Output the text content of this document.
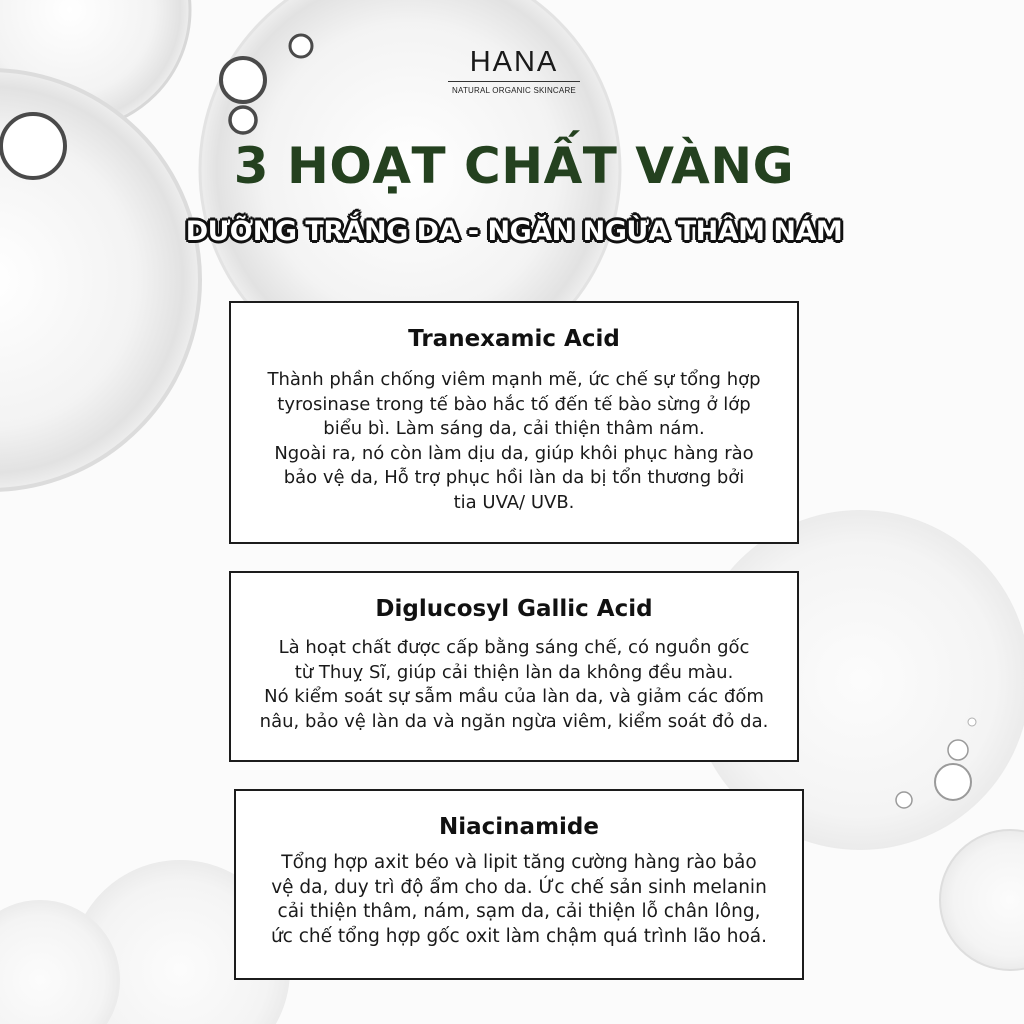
HANA
NATURAL ORGANIC SKINCARE
3 HOẠT CHẤT VÀNG
DƯỠNG TRẮNG DA - NGĂN NGỪA THÂM NÁM
Tranexamic Acid
Thành phần chống viêm mạnh mẽ, ức chế sự tổng hợp
tyrosinase trong tế bào hắc tố đến tế bào sừng ở lớp
biểu bì. Làm sáng da, cải thiện thâm nám.
Ngoài ra, nó còn làm dịu da, giúp khôi phục hàng rào
bảo vệ da, Hỗ trợ phục hồi làn da bị tổn thương bởi
tia UVA/ UVB.
Diglucosyl Gallic Acid
Là hoạt chất được cấp bằng sáng chế, có nguồn gốc
từ Thuỵ Sĩ, giúp cải thiện làn da không đều màu.
Nó kiểm soát sự sẫm mầu của làn da, và giảm các đốm
nâu, bảo vệ làn da và ngăn ngừa viêm, kiểm soát đỏ da.
Niacinamide
Tổng hợp axit béo và lipit tăng cường hàng rào bảo
vệ da, duy trì độ ẩm cho da. Ức chế sản sinh melanin
cải thiện thâm, nám, sạm da, cải thiện lỗ chân lông,
ức chế tổng hợp gốc oxit làm chậm quá trình lão hoá.
